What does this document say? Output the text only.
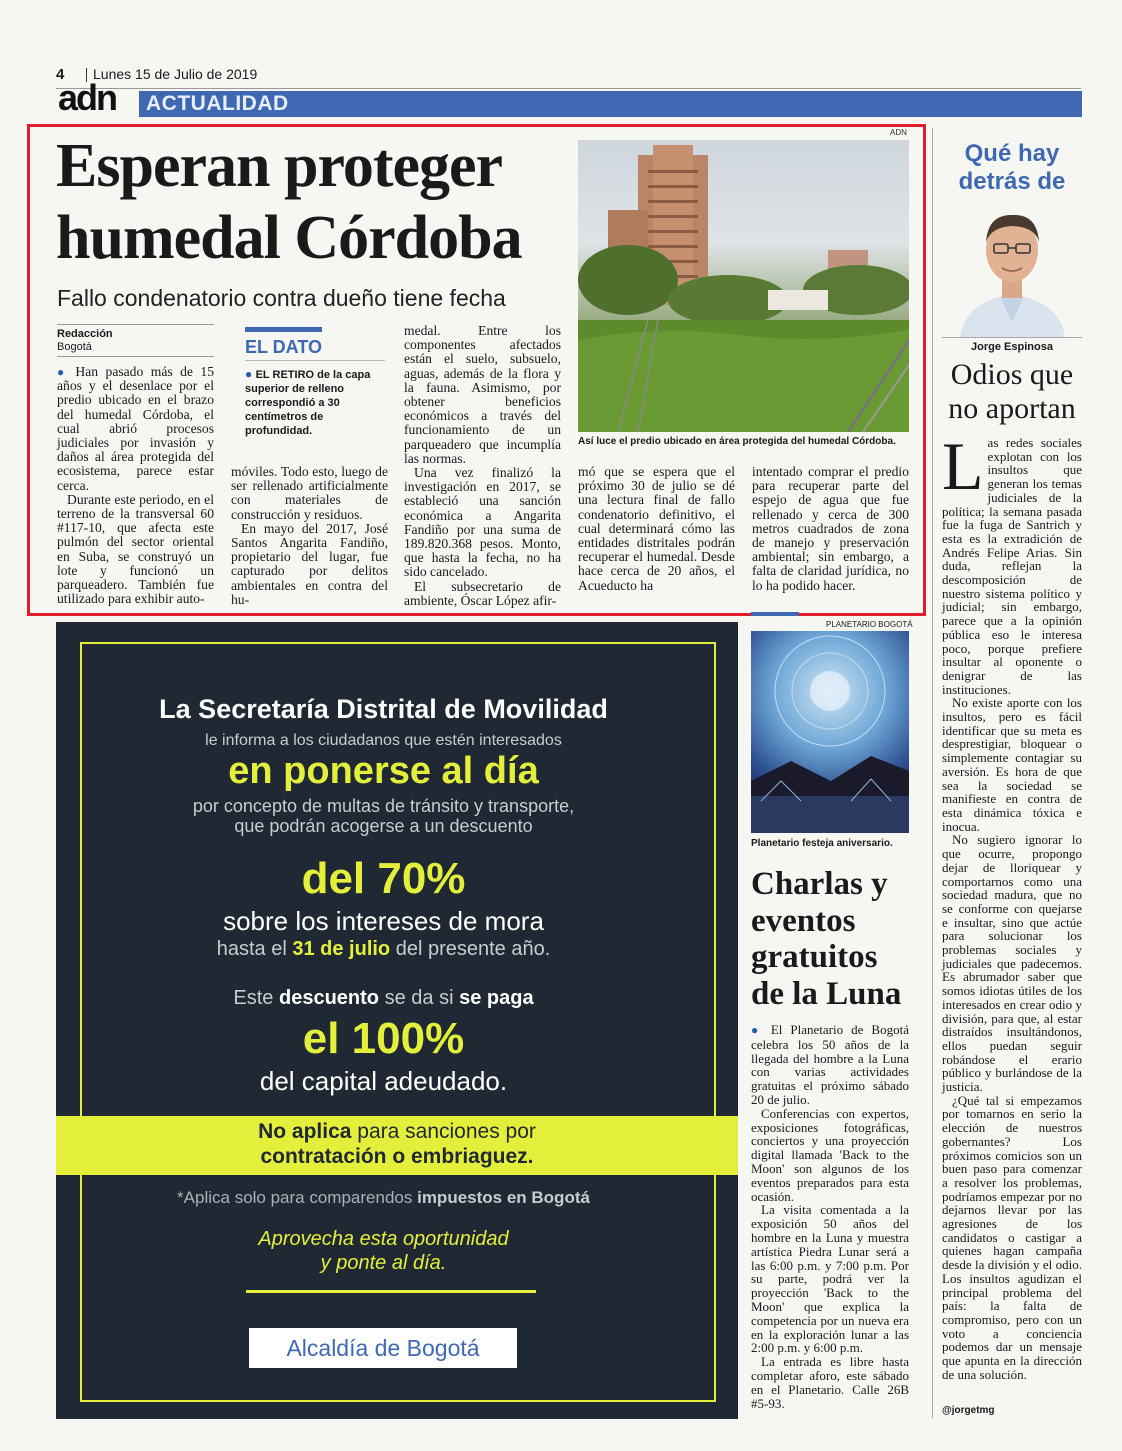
4 Lunes 15 de Julio de 2019
adn ACTUALIDAD
ADN
Esperan proteger
humedal Córdoba
Fallo condenatorio contra dueño tiene fecha
Así luce el predio ubicado en área protegida del humedal Córdoba.
Redacción
Bogotá

● Han pasado más de 15 años y el desenlace por el predio ubicado en el brazo del humedal Córdoba, el cual abrió procesos judiciales por invasión y daños al área protegida del ecosistema, parece estar cerca.

Durante este periodo, en el terreno de la transversal 60 #117-10, que afecta este pulmón del sector oriental en Suba, se construyó un lote y funcionó un parqueadero. También fue utilizado para exhibir auto-

EL DATO
● EL RETIRO de la capa superior de relleno correspondió a 30 centímetros de profundidad.

móviles. Todo esto, luego de ser rellenado artificialmente con materiales de construcción y residuos.

En mayo del 2017, José Santos Angarita Fandiño, propietario del lugar, fue capturado por delitos ambientales en contra del hu-

medal. Entre los componentes afectados están el suelo, subsuelo, aguas, además de la flora y la fauna. Asimismo, por obtener beneficios económicos a través del funcionamiento de un parqueadero que incumplía las normas.

Una vez finalizó la investigación en 2017, se estableció una sanción económica a Angarita Fandiño por una suma de 189.820.368 pesos. Monto, que hasta la fecha, no ha sido cancelado.

El subsecretario de ambiente, Óscar López afir-

mó que se espera que el próximo 30 de julio se dé una lectura final de fallo condenatorio definitivo, el cual determinará cómo las entidades distritales podrán recuperar el humedal. Desde hace cerca de 20 años, el Acueducto ha

intentado comprar el predio para recuperar parte del espejo de agua que fue rellenado y cerca de 300 metros cuadrados de zona de manejo y preservación ambiental; sin embargo, a falta de claridad jurídica, no lo ha podido hacer.

Qué hay
detrás de
Jorge Espinosa
Odios que
no aportan

Las redes sociales explotan con los insultos que generan los temas judiciales de la política; la semana pasada fue la fuga de Santrich y esta es la extradición de Andrés Felipe Arias. Sin duda, reflejan la descomposición de nuestro sistema político y judicial; sin embargo, parece que a la opinión pública eso le interesa poco, porque prefiere insultar al oponente o denigrar de las instituciones.

No existe aporte con los insultos, pero es fácil identificar que su meta es desprestigiar, bloquear o simplemente contagiar su aversión. Es hora de que sea la sociedad se manifieste en contra de esta dinámica tóxica e inocua.

No sugiero ignorar lo que ocurre, propongo dejar de lloriquear y comportarnos como una sociedad madura, que no se conforme con quejarse e insultar, sino que actúe para solucionar los problemas sociales y judiciales que padecemos. Es abrumador saber que somos idiotas útiles de los interesados en crear odio y división, para que, al estar distraídos insultándonos, ellos puedan seguir robándose el erario público y burlándose de la justicia.

¿Qué tal si empezamos por tomarnos en serio la elección de nuestros gobernantes? Los próximos comicios son un buen paso para comenzar a resolver los problemas, podríamos empezar por no dejarnos llevar por las agresiones de los candidatos o castigar a quienes hagan campaña desde la división y el odio. Los insultos agudizan el principal problema del país: la falta de compromiso, pero con un voto a conciencia podemos dar un mensaje que apunta en la dirección de una solución.

@jorgetmg
PLANETARIO BOGOTÁ
Planetario festeja aniversario.
Charlas y
eventos
gratuitos
de la Luna

● El Planetario de Bogotá celebra los 50 años de la llegada del hombre a la Luna con varias actividades gratuitas el próximo sábado 20 de julio.

Conferencias con expertos, exposiciones fotográficas, conciertos y una proyección digital llamada 'Back to the Moon' son algunos de los eventos preparados para esta ocasión.

La visita comentada a la exposición 50 años del hombre en la Luna y muestra artística Piedra Lunar será a las 6:00 p.m. y 7:00 p.m. Por su parte, podrá ver la proyección 'Back to the Moon' que explica la competencia por un nueva era en la exploración lunar a las 2:00 p.m. y 6:00 p.m.

La entrada es libre hasta completar aforo, este sábado en el Planetario. Calle 26B #5-93.

La Secretaría Distrital de Movilidad
le informa a los ciudadanos que estén interesados
en ponerse al día
por concepto de multas de tránsito y transporte,
que podrán acogerse a un descuento
del 70%
sobre los intereses de mora
hasta el 31 de julio del presente año.
Este descuento se da si se paga
el 100%
del capital adeudado.
No aplica para sanciones por
contratación o embriaguez.
*Aplica solo para comparendos impuestos en Bogotá
Aprovecha esta oportunidad
y ponte al día.
Alcaldía de Bogotá
